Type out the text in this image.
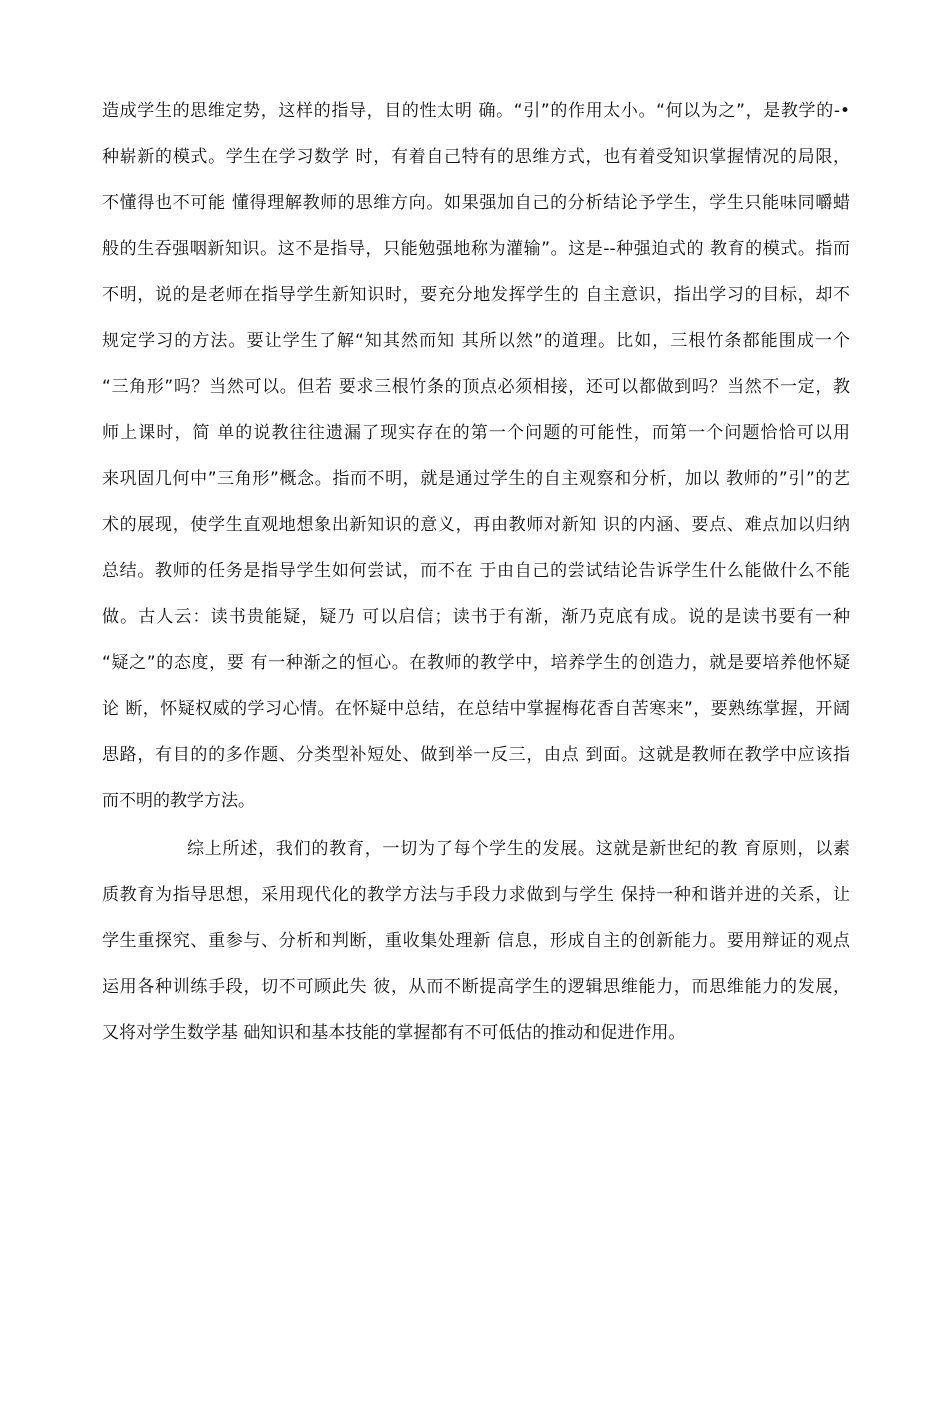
造成学生的思维定势，这样的指导，目的性太明 确。“引”的作用太小。“何以为之”，是教学的-•

种崭新的模式。学生在学习数学 时，有着自己特有的思维方式，也有着受知识掌握情况的局限，

不懂得也不可能 懂得理解教师的思维方向。如果强加自己的分析结论予学生，学生只能味同嚼蜡

般的生吞强咽新知识。这不是指导，只能勉强地称为灌输”。这是--种强迫式的 教育的模式。指而

不明，说的是老师在指导学生新知识时，要充分地发挥学生的 自主意识，指出学习的目标，却不

规定学习的方法。要让学生了解“知其然而知 其所以然”的道理。比如，三根竹条都能围成一个

“三角形”吗？当然可以。但若 要求三根竹条的顶点必须相接，还可以都做到吗？当然不一定，教

师上课时，简 单的说教往往遗漏了现实存在的第一个问题的可能性，而第一个问题恰恰可以用

来巩固几何中”三角形”概念。指而不明，就是通过学生的自主观察和分析，加以 教师的”引”的艺

术的展现，使学生直观地想象出新知识的意义，再由教师对新知 识的内涵、要点、难点加以归纳

总结。教师的任务是指导学生如何尝试，而不在 于由自己的尝试结论告诉学生什么能做什么不能

做。古人云：读书贵能疑，疑乃 可以启信；读书于有渐，渐乃克底有成。说的是读书要有一种

“疑之”的态度，要 有一种渐之的恒心。在教师的教学中，培养学生的创造力，就是要培养他怀疑

论 断，怀疑权威的学习心情。在怀疑中总结，在总结中掌握梅花香自苦寒来”，要熟练掌握，开阔

思路，有目的的多作题、分类型补短处、做到举一反三，由点 到面。这就是教师在教学中应该指

而不明的教学方法。

综上所述，我们的教育，一切为了每个学生的发展。这就是新世纪的教 育原则，以素

质教育为指导思想，采用现代化的教学方法与手段力求做到与学生 保持一种和谐并进的关系，让

学生重探究、重参与、分析和判断，重收集处理新 信息，形成自主的创新能力。要用辩证的观点

运用各种训练手段，切不可顾此失 彼，从而不断提高学生的逻辑思维能力，而思维能力的发展，

又将对学生数学基 础知识和基本技能的掌握都有不可低估的推动和促进作用。
